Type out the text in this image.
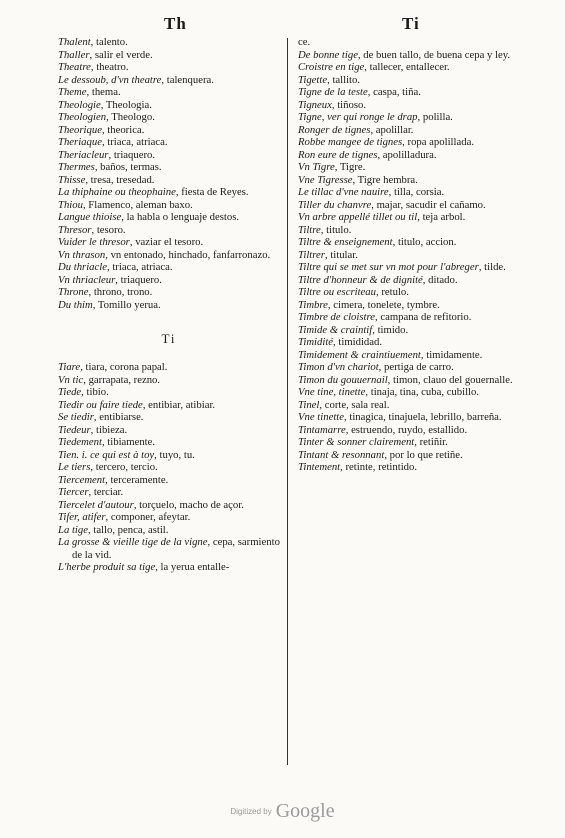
Th
Thalent, talento.
Thaller, salir el verde.
Theatre, theatro.
Le dessoub, d'vn theatre, talenquera.
Theme, thema.
Theologie, Theologia.
Theologien, Theologo.
Theorique, theorica.
Theriaque, triaca, atriaca.
Theriacleur, triaquero.
Thermes, baños, termas.
Thisse, tresa, tresedad.
La thiphaine ou theophaine, fiesta de Reyes.
Thiou, Flamenco, aleman baxo.
Langue thioise, la habla o lenguaje destos.
Thresor, tesoro.
Vuider le thresor, vaziar el tesoro.
Vn thrason, vn entonado, hinchado, fanfarronazo.
Du thriacle, triaca, atriaca.
Vn thriacleur, triaquero.
Throne, throno, trono.
Du thim, Tomillo yerua.
Ti
Tiare, tiara, corona papal.
Vn tic, garrapata, rezno.
Tiede, tibio.
Tiedir ou faire tiede, entibiar, atibiar.
Se tiedir, entibiarse.
Tiedeur, tibieza.
Tiedement, tibiamente.
Tien. i. ce qui est à toy, tuyo, tu.
Le tiers, tercero, tercio.
Tiercement, terceramente.
Tiercer, terciar.
Tiercelet d'autour, torçuelo, macho de açor.
Tifer, atifer, componer, afeytar.
La tige, tallo, penca, astil.
La grosse & vieille tige de la vigne, cepa, sarmiento de la vid.
L'herbe produit sa tige, la yerua entalle-
Ti
ce.
De bonne tige, de buen tallo, de buena cepa y ley.
Croistre en tige, tallecer, entallecer.
Tigette, tallito.
Tigne de la teste, caspa, tiña.
Tigneux, tiñoso.
Tigne, ver qui ronge le drap, polilla.
Ronger de tignes, apolillar.
Robbe mangee de tignes, ropa apolillada.
Ron eure de tignes, apolilladura.
Vn Tigre, Tigre.
Vne Tigresse, Tigre hembra.
Le tillac d'vne nauire, tilla, corsia.
Tiller du chanvre, majar, sacudir el cañamo.
Vn arbre appellé tillet ou til, teja arbol.
Tiltre, titulo.
Tiltre & enseignement, titulo, accion.
Tiltrer, titular.
Tiltre qui se met sur vn mot pour l'abreger, tilde.
Tiltre d'honneur & de dignité, ditado.
Tiltre ou escriteau, retulo.
Timbre, cimera, tonelete, tymbre.
Timbre de cloistre, campana de refitorio.
Timide & craintif, timido.
Timidité, timididad.
Timidement & craintiuement, timidamente.
Timon d'vn chariot, pertiga de carro.
Timon du gouuernail, timon, clauo del gouernalle.
Vne tine, tinette, tinaja, tina, cuba, cubillo.
Tinel, corte, sala real.
Vne tinette, tinagica, tinajuela, lebrillo, barreña.
Tintamarre, estruendo, ruydo, estallido.
Tinter & sonner clairement, retiñir.
Tintant & resonnant, por lo que retiñe.
Tintement, retinte, retintido.
Digitized by Google
